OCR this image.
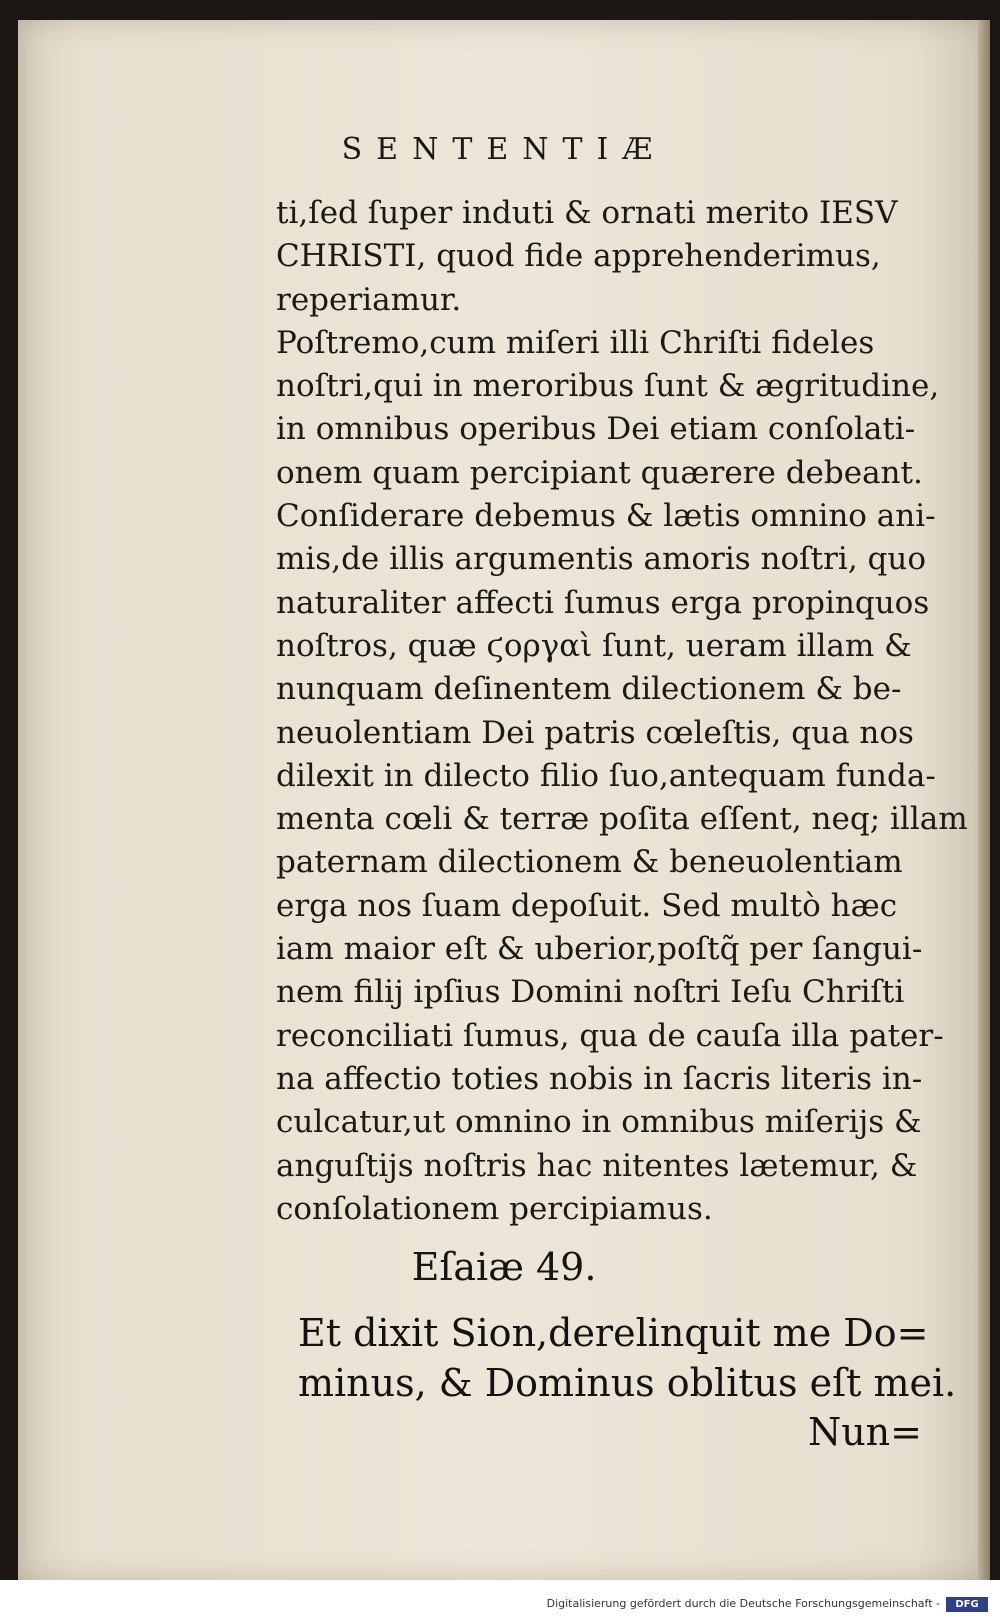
SENTENTIÆ
ti,ſed ſuper induti & ornati merito IESV
CHRISTI, quod fide apprehenderimus,
reperiamur.
Poſtremo,cum miſeri illi Chriſti fideles
noſtri,qui in meroribus ſunt & ægritudine,
in omnibus operibus Dei etiam conſolati-
onem quam percipiant quærere debeant.
Conſiderare debemus & lætis omnino ani-
mis,de illis argumentis amoris noſtri, quo
naturaliter affecti ſumus erga propinquos
noſtros, quæ ϛοργαὶ ſunt, ueram illam &
nunquam deſinentem dilectionem & be-
neuolentiam Dei patris cœleſtis, qua nos
dilexit in dilecto filio ſuo,antequam funda-
menta cœli & terræ poſita eſſent, neq; illam
paternam dilectionem & beneuolentiam
erga nos ſuam depoſuit. Sed multò hæc
iam maior eſt & uberior,poſtq̃ per ſangui-
nem filij ipſius Domini noſtri Ieſu Chriſti
reconciliati ſumus, qua de cauſa illa pater-
na affectio toties nobis in ſacris literis in-
culcatur,ut omnino in omnibus miſerijs &
anguſtijs noſtris hac nitentes lætemur, &
conſolationem percipiamus.
Eſaiæ 49.
Et dixit Sion,derelinquit me Do=
minus, & Dominus oblitus eſt mei.
Nun=
Digitalisierung gefördert durch die Deutsche Forschungsgemeinschaft -	DFG
